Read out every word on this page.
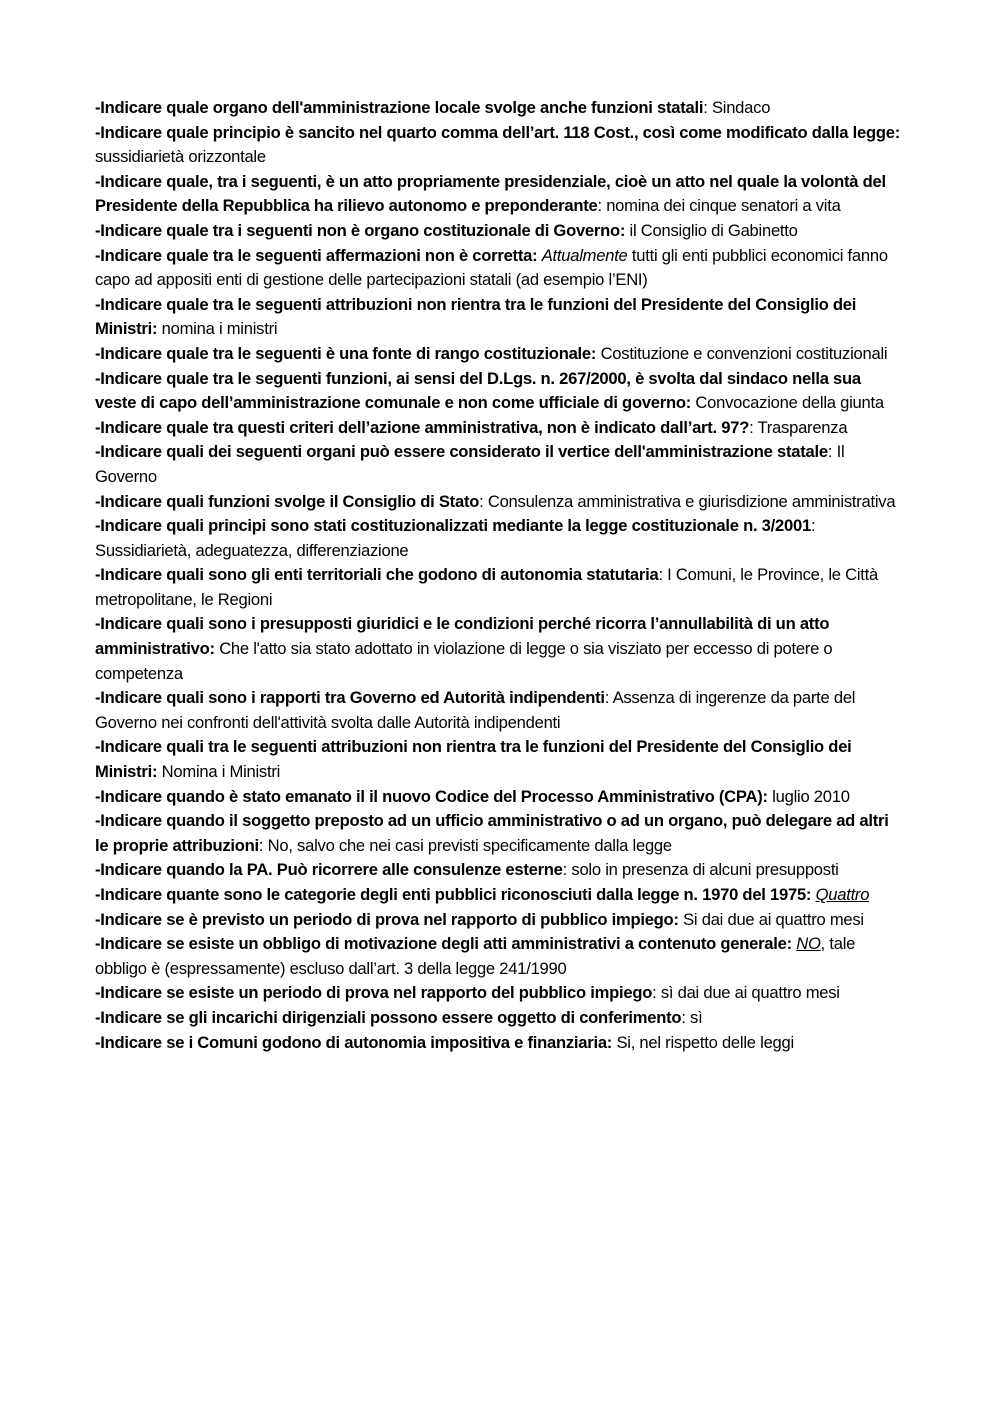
-Indicare quale organo dell'amministrazione locale svolge anche funzioni statali: Sindaco

-Indicare quale principio è sancito nel quarto comma dell’art. 118 Cost., così come modificato dalla legge: sussidiarietà orizzontale

-Indicare quale, tra i seguenti, è un atto propriamente presidenziale, cioè un atto nel quale la volontà del Presidente della Repubblica ha rilievo autonomo e preponderante: nomina dei cinque senatori a vita

-Indicare quale tra i seguenti non è organo costituzionale di Governo: il Consiglio di Gabinetto

-Indicare quale tra le seguenti affermazioni non è corretta: Attualmente tutti gli enti pubblici economici fanno capo ad appositi enti di gestione delle partecipazioni statali (ad esempio l’ENI)

-Indicare quale tra le seguenti attribuzioni non rientra tra le funzioni del Presidente del Consiglio dei Ministri: nomina i ministri

-Indicare quale tra le seguenti è una fonte di rango costituzionale: Costituzione e convenzioni costituzionali

-Indicare quale tra le seguenti funzioni, ai sensi del D.Lgs. n. 267/2000, è svolta dal sindaco nella sua veste di capo dell’amministrazione comunale e non come ufficiale di governo: Convocazione della giunta

-Indicare quale tra questi criteri dell’azione amministrativa, non è indicato dall’art. 97?: Trasparenza

-Indicare quali dei seguenti organi può essere considerato il vertice dell'amministrazione statale: Il Governo

-Indicare quali funzioni svolge il Consiglio di Stato: Consulenza amministrativa e giurisdizione amministrativa

-Indicare quali principi sono stati costituzionalizzati mediante la legge costituzionale n. 3/2001: Sussidiarietà, adeguatezza, differenziazione

-Indicare quali sono gli enti territoriali che godono di autonomia statutaria: I Comuni, le Province, le Città metropolitane, le Regioni

-Indicare quali sono i presupposti giuridici e le condizioni perché ricorra l’annullabilità di un atto amministrativo: Che l'atto sia stato adottato in violazione di legge o sia visziato per eccesso di potere o competenza

-Indicare quali sono i rapporti tra Governo ed Autorità indipendenti: Assenza di ingerenze da parte del Governo nei confronti dell'attività svolta dalle Autorità indipendenti

-Indicare quali tra le seguenti attribuzioni non rientra tra le funzioni del Presidente del Consiglio dei Ministri: Nomina i Ministri

-Indicare quando è stato emanato il il nuovo Codice del Processo Amministrativo (CPA): luglio 2010

-Indicare quando il soggetto preposto ad un ufficio amministrativo o ad un organo, può delegare ad altri le proprie attribuzioni: No, salvo che nei casi previsti specificamente dalla legge

-Indicare quando la PA. Può ricorrere alle consulenze esterne: solo in presenza di alcuni presupposti

-Indicare quante sono le categorie degli enti pubblici riconosciuti dalla legge n. 1970 del 1975: Quattro

-Indicare se è previsto un periodo di prova nel rapporto di pubblico impiego: Si dai due ai quattro mesi

-Indicare se esiste un obbligo di motivazione degli atti amministrativi a contenuto generale: NO, tale obbligo è (espressamente) escluso dall’art. 3 della legge 241/1990

-Indicare se esiste un periodo di prova nel rapporto del pubblico impiego: sì dai due ai quattro mesi

-Indicare se gli incarichi dirigenziali possono essere oggetto di conferimento: sì

-Indicare se i Comuni godono di autonomia impositiva e finanziaria: Si, nel rispetto delle leggi
